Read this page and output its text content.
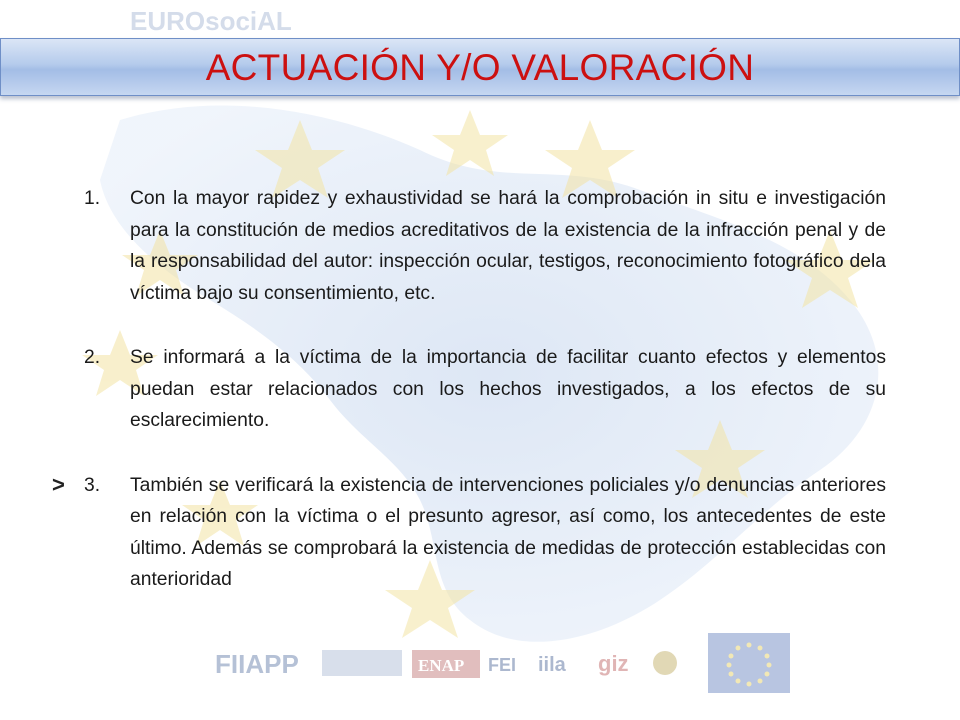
EUROsociAL
ACTUACIÓN Y/O VALORACIÓN
1. Con la mayor rapidez y exhaustividad se hará la comprobación in situ e investigación para la constitución de medios acreditativos de la existencia de la infracción penal y de la responsabilidad del autor: inspección ocular, testigos, reconocimiento fotográfico dela víctima bajo su consentimiento, etc.
2. Se informará a la víctima de la importancia de facilitar cuanto efectos y elementos puedan estar relacionados con los hechos investigados, a los efectos de su esclarecimiento.
> 3. También se verificará la existencia de intervenciones policiales y/o denuncias anteriores en relación con la víctima o el presunto agresor, así como, los antecedentes de este último. Además se comprobará la existencia de medidas de protección establecidas con anterioridad
FIIAPP	ENAP FEI iila giz
